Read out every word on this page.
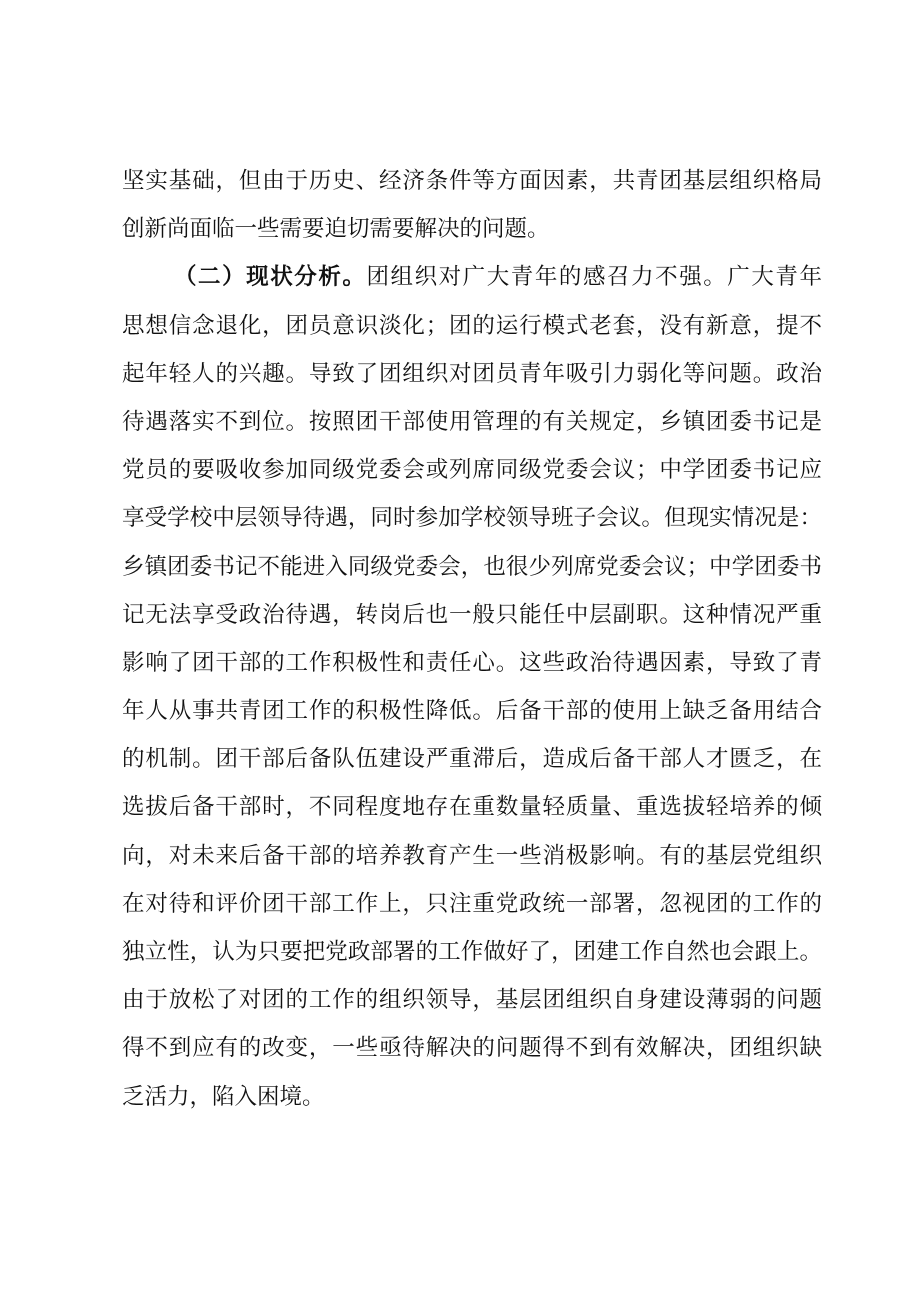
坚实基础，但由于历史、经济条件等方面因素，共青团基层组织格局
创新尚面临一些需要迫切需要解决的问题。
（二）现状分析。团组织对广大青年的感召力不强。广大青年
思想信念退化，团员意识淡化；团的运行模式老套，没有新意，提不
起年轻人的兴趣。导致了团组织对团员青年吸引力弱化等问题。政治
待遇落实不到位。按照团干部使用管理的有关规定，乡镇团委书记是
党员的要吸收参加同级党委会或列席同级党委会议；中学团委书记应
享受学校中层领导待遇，同时参加学校领导班子会议。但现实情况是：
乡镇团委书记不能进入同级党委会，也很少列席党委会议；中学团委书
记无法享受政治待遇，转岗后也一般只能任中层副职。这种情况严重
影响了团干部的工作积极性和责任心。这些政治待遇因素，导致了青
年人从事共青团工作的积极性降低。后备干部的使用上缺乏备用结合
的机制。团干部后备队伍建设严重滞后，造成后备干部人才匮乏，在
选拔后备干部时，不同程度地存在重数量轻质量、重选拔轻培养的倾
向，对未来后备干部的培养教育产生一些消极影响。有的基层党组织
在对待和评价团干部工作上，只注重党政统一部署，忽视团的工作的
独立性，认为只要把党政部署的工作做好了，团建工作自然也会跟上。
由于放松了对团的工作的组织领导，基层团组织自身建设薄弱的问题
得不到应有的改变，一些亟待解决的问题得不到有效解决，团组织缺
乏活力，陷入困境。
